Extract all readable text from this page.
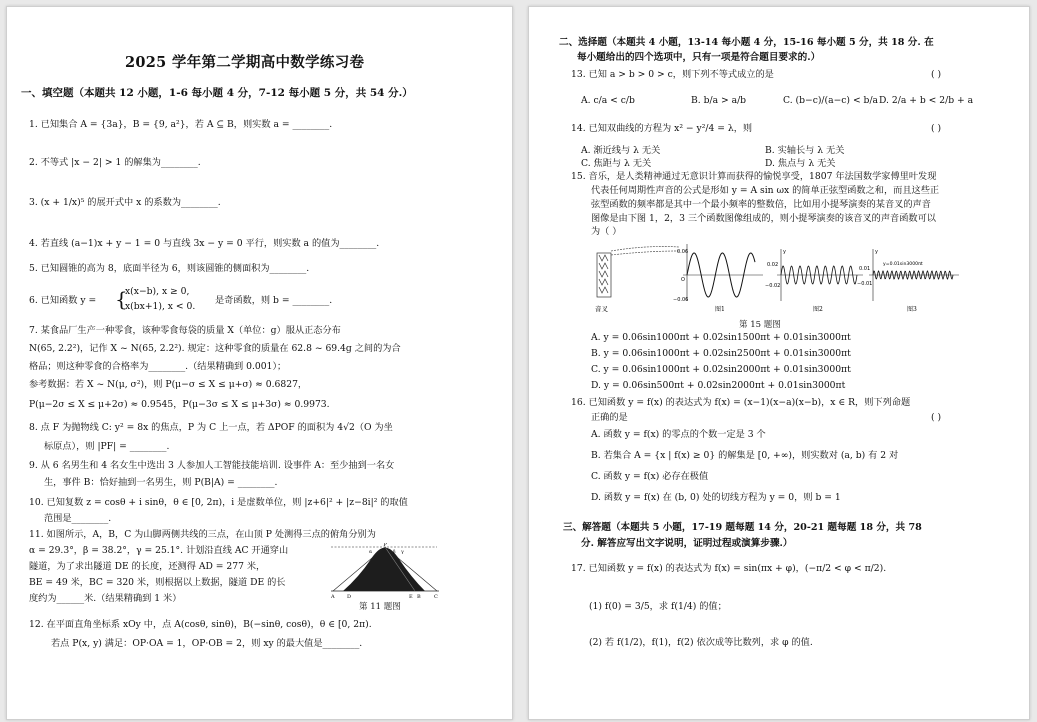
2025 学年第二学期高中数学练习卷
一、填空题（本题共 12 小题，1-6 每小题 4 分，7-12 每小题 5 分，共 54 分.）
1. 已知集合 A = {3a}，B = {9, a²}，若 A ⊆ B，则实数 a = ________.
2. 不等式 |x − 2| > 1 的解集为________.
3. (x + 1/x)⁵ 的展开式中 x 的系数为________.
4. 若直线 (a−1)x + y − 1 = 0 与直线 3x − y = 0 平行，则实数 a 的值为________.
5. 已知圆锥的高为 8，底面半径为 6，则该圆锥的侧面积为________.
6. 已知函数 y = {
x(x−b), x ≥ 0,
x(bx+1), x < 0.
是奇函数，则 b = ________.
7. 某食品厂生产一种零食，该种零食每袋的质量 X（单位：g）服从正态分布
N(65, 2.2²)，记作 X ~ N(65, 2.2²). 规定：这种零食的质量在 62.8 ~ 69.4g 之间的为合
格品；则这种零食的合格率为________.（结果精确到 0.001）；
参考数据：若 X ~ N(μ, σ²)，则 P(μ−σ ≤ X ≤ μ+σ) ≈ 0.6827，
P(μ−2σ ≤ X ≤ μ+2σ) ≈ 0.9545，P(μ−3σ ≤ X ≤ μ+3σ) ≈ 0.9973.
8. 点 F 为抛物线 C: y² = 8x 的焦点，P 为 C 上一点，若 ΔPOF 的面积为 4√2（O 为坐
标原点），则 |PF| = ________.
9. 从 6 名男生和 4 名女生中选出 3 人参加人工智能技能培训. 设事件 A：至少抽到一名女
生，事件 B：恰好抽到一名男生，则 P(B|A) = ________.
10. 已知复数 z = cosθ + i sinθ，θ ∈ [0, 2π)，i 是虚数单位，则 |z+6|² + |z−8i|² 的取值
范围是________.
11. 如图所示，A，B，C 为山脚两侧共线的三点，在山顶 P 处测得三点的俯角分别为
α = 29.3°，β = 38.2°，γ = 25.1°. 计划沿直线 AC 开通穿山
隧道，为了求出隧道 DE 的长度，还测得 AD = 277 米，
BE = 49 米，BC = 320 米，则根据以上数据，隧道 DE 的长
度约为______米.（结果精确到 1 米）
P
A D	E B	C
α	β γ
第 11 题图
12. 在平面直角坐标系 xOy 中，点 A(cosθ, sinθ)，B(−sinθ, cosθ)，θ ∈ [0, 2π).
若点 P(x, y) 满足：OP·OA = 1，OP·OB = 2，则 xy 的最大值是________.
二、选择题（本题共 4 小题，13-14 每小题 4 分，15-16 每小题 5 分，共 18 分. 在
每小题给出的四个选项中，只有一项是符合题目要求的.）
13. 已知 a > b > 0 > c，则下列不等式成立的是	( )
A. c/a < c/b	B. b/a > a/b	C. (b−c)/(a−c) < b/a D. 2/a + b < 2/b + a
14. 已知双曲线的方程为 x² − y²/4 = λ，则	( )
A. 渐近线与 λ 无关	B. 实轴长与 λ 无关
C. 焦距与 λ 无关	D. 焦点与 λ 无关
15. 音乐，是人类精神通过无意识计算而获得的愉悦享受，1807 年法国数学家傅里叶发现
代表任何周期性声音的公式是形如 y = A sin ωx 的简单正弦型函数之和，而且这些正
弦型函数的频率都是其中一个最小频率的整数倍，比如用小提琴演奏的某音叉的声音
图像是由下图 1，2，3 三个函数图像组成的，则小提琴演奏的该音叉的声音函数可以
为（ ）
音叉
0.06
−0.06
O
图1
y
0.02
−0.02
图2
y
y=0.01sin3000πt
0.01
−0.01
图3
第 15 题图
A. y = 0.06sin1000πt + 0.02sin1500πt + 0.01sin3000πt
B. y = 0.06sin1000πt + 0.02sin2500πt + 0.01sin3000πt
C. y = 0.06sin1000πt + 0.02sin2000πt + 0.01sin3000πt
D. y = 0.06sin500πt + 0.02sin2000πt + 0.01sin3000πt
16. 已知函数 y = f(x) 的表达式为 f(x) = (x−1)(x−a)(x−b)，x ∈ R，则下列命题
正确的是	( )
A. 函数 y = f(x) 的零点的个数一定是 3 个
B. 若集合 A = {x | f(x) ≥ 0} 的解集是 [0, +∞)，则实数对 (a, b) 有 2 对
C. 函数 y = f(x) 必存在极值
D. 函数 y = f(x) 在 (b, 0) 处的切线方程为 y = 0，则 b = 1
三、解答题（本题共 5 小题，17-19 题每题 14 分，20-21 题每题 18 分，共 78
分. 解答应写出文字说明，证明过程或演算步骤.）
17. 已知函数 y = f(x) 的表达式为 f(x) = sin(πx + φ)，(−π/2 < φ < π/2).
(1) f(0) = 3/5，求 f(1/4) 的值；
(2) 若 f(1/2)，f(1)，f(2) 依次成等比数列，求 φ 的值.
